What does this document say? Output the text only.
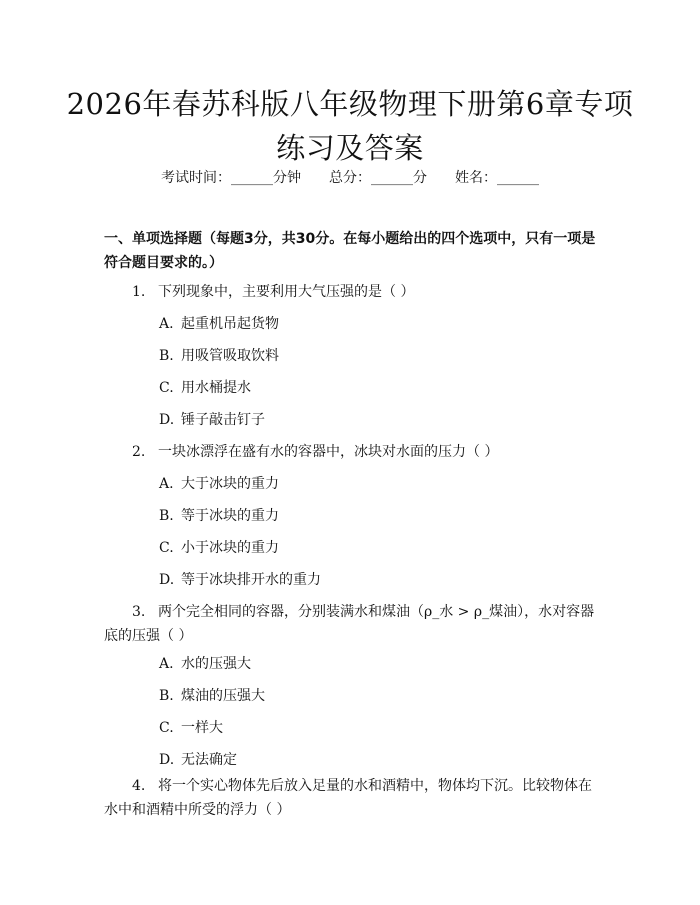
2026年春苏科版八年级物理下册第6章专项练习及答案
考试时间：______分钟 总分：______分 姓名：______
一、单项选择题（每题3分，共30分。在每小题给出的四个选项中，只有一项是符合题目要求的。）
1. 下列现象中，主要利用大气压强的是（ ）
A. 起重机吊起货物
B. 用吸管吸取饮料
C. 用水桶提水
D. 锤子敲击钉子
2. 一块冰漂浮在盛有水的容器中，冰块对水面的压力（ ）
A. 大于冰块的重力
B. 等于冰块的重力
C. 小于冰块的重力
D. 等于冰块排开水的重力
3. 两个完全相同的容器，分别装满水和煤油（ρ_水 > ρ_煤油），水对容器底的压强（ ）
A. 水的压强大
B. 煤油的压强大
C. 一样大
D. 无法确定
4. 将一个实心物体先后放入足量的水和酒精中，物体均下沉。比较物体在水中和酒精中所受的浮力（ ）
